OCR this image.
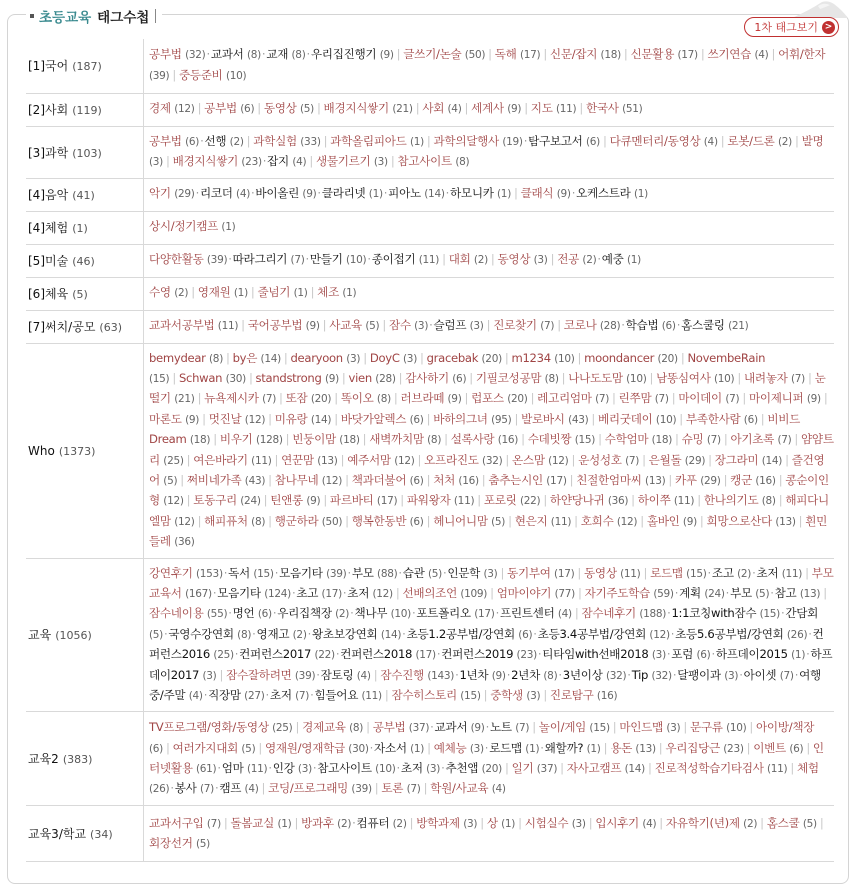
초등교육 태그수첩
1차 태그보기 >
[1]국어 (187)	공부법 (32)·교과서 (8)·교재 (8)·우리집진행기 (9) | 글쓰기/논술 (50) | 독해 (17) | 신문/잡지 (18) | 신문활용 (17) | 쓰기연습 (4) | 어휘/한자 (39) | 중등준비 (10)
[2]사회 (119)	경제 (12) | 공부법 (6) | 동영상 (5) | 배경지식쌓기 (21) | 사회 (4) | 세계사 (9) | 지도 (11) | 한국사 (51)
[3]과학 (103)	공부법 (6)·선행 (2) | 과학실험 (33) | 과학올림피아드 (1) | 과학의달행사 (19)·탐구보고서 (6) | 다큐멘터리/동영상 (4) | 로봇/드론 (2) | 발명 (3) | 배경지식쌓기 (23)·잡지 (4) | 생물기르기 (3) | 참고사이트 (8)
[4]음악 (41)	악기 (29)·리코더 (4)·바이올린 (9)·클라리넷 (1)·피아노 (14)·하모니카 (1) | 클래식 (9)·오케스트라 (1)
[4]체험 (1)	상시/정기캠프 (1)
[5]미술 (46)	다양한활동 (39)·따라그리기 (7)·만들기 (10)·종이접기 (11) | 대회 (2) | 동영상 (3) | 전공 (2)·예중 (1)
[6]체육 (5)	수영 (2) | 영재원 (1) | 줄넘기 (1) | 체조 (1)
[7]써치/공모 (63)	교과서공부법 (11) | 국어공부법 (9) | 사교육 (5) | 잠수 (3)·슬럼프 (3) | 진로찾기 (7) | 코로나 (28)·학습법 (6)·홈스쿨링 (21)
Who (1373)	bemydear (8) | by은 (14) | dearyoon (3) | DoyC (3) | gracebak (20) | m1234 (10) | moondancer (20) | NovembeRain (15) | Schwan (30) | standstrong (9) | vien (28) | 감사하기 (6) | 기필코성공맘 (8) | 나나도도맘 (10) | 남똥심여사 (10) | 내려놓자 (7) | 눈떨기 (21) | 뉴욕제시카 (7) | 또잠 (20) | 똑이오 (8) | 러브라떼 (9) | 럽포스 (20) | 레고리엄마 (7) | 린쭈맘 (7) | 마이데이 (7) | 마이제니퍼 (9) |마론도 (9) | 멋진날 (12) | 미유랑 (14) | 바닷가알렉스 (6) | 바하의그녀 (95) | 발로바시 (43) | 베리굿데이 (10) | 부족한사람 (6) | 비비드Dream (18) | 비우기 (128) | 빈둥이맘 (18) | 새벽까치맘 (8) | 설록사랑 (16) | 수데빗짱 (15) | 수학엄마 (18) | 슈밍 (7) | 아기초록 (7) | 얌얌트리 (25) | 여은바라기 (11) | 연꾼맘 (13) | 예주서맘 (12) | 오프라진도 (32) | 온스맘 (12) | 운성성호 (7) | 은월돌 (29) | 장그라미 (14) | 즐건영어 (5) | 쩌비네가족 (43) | 참나무네 (12) | 책과더불어 (6) | 처처 (16) | 춤추는시인 (17) | 친절한엄마씨 (13) | 카푸 (29) | 캥군 (16) | 콩순이인형 (12) | 토동구리 (24) | 틴앤롱 (9) | 파르바티 (17) | 파워왕자 (11) | 포로릿 (22) | 하얀당나귀 (36) | 하이쭈 (11) | 한나의기도 (8) | 해피다니엘맘 (12) | 해피퓨처 (8) | 행군하라 (50) | 행복한동반 (6) | 헤니어니맘 (5) | 현은지 (11) | 호희수 (12) | 홀바인 (9) | 희망으로산다 (13) | 흰민들레 (36)
교육 (1056)	강연후기 (153)·독서 (15)·모음기타 (39)·부모 (88)·습관 (5)·인문학 (3) | 동기부여 (17) | 동영상 (11) | 로드맵 (15)·조고 (2)·초저 (11) | 부모교육서 (167)·모음기타 (124)·초고 (17)·초저 (12) | 선배의조언 (109) | 엄마이야기 (77) | 자기주도학습 (59)·계획 (24)·부모 (5)·참고 (13) |잠수네이용 (55)·명언 (6)·우리집책장 (2)·책나무 (10)·포트폴리오 (17)·프린트센터 (4) | 잠수네후기 (188)·1:1코칭with잠수 (15)·간담회 (5)·국영수강연회 (8)·영재고 (2)·왕초보강연회 (14)·초등1.2공부법/강연회 (6)·초등3.4공부법/강연회 (12)·초등5.6공부법/강연회 (26)·컨퍼런스2016 (25)·컨퍼런스2017 (22)·컨퍼런스2018 (17)·컨퍼런스2019 (23)·티타임with선배2018 (3)·포럼 (6)·하프데이2015 (1)·하프데이2017 (3) | 잠수잘하려면 (39)·잠토링 (4) | 잠수진행 (143)·1년차 (9)·2년차 (8)·3년이상 (32)·Tip (32)·달팽이과 (3)·아이셋 (7)·여행중/주말 (4)·직장맘 (27)·초저 (7)·힘들어요 (11) | 잠수히스토리 (15) | 중학생 (3) | 진로탐구 (16)
교육2 (383)	TV프로그램/영화/동영상 (25) | 경제교육 (8) | 공부법 (37)·교과서 (9)·노트 (7) | 놀이/게임 (15) | 마인드맵 (3) | 문구류 (10) | 아이방/책장 (6) | 여러가지대회 (5) | 영재원/영재학급 (30)·자소서 (1) | 예체능 (3)·로드맵 (1)·왜할까? (1) | 용돈 (13) | 우리집당근 (23) | 이벤트 (6) | 인터넷활용 (61)·엄마 (11)·인강 (3)·참고사이트 (10)·초저 (3)·추천앱 (20) | 일기 (37) | 자사고캠프 (14) | 진로적성학습기타검사 (11) | 체험 (26)·봉사 (7)·캠프 (4) | 코딩/프로그래밍 (39) | 토론 (7) | 학원/사교육 (4)
교육3/학교 (34)	교과서구입 (7) | 돌봄교실 (1) | 방과후 (2)·컴퓨터 (2) | 방학과제 (3) | 상 (1) | 시험실수 (3) | 입시후기 (4) | 자유학기(년)제 (2) | 홈스쿨 (5) |회장선거 (5)
